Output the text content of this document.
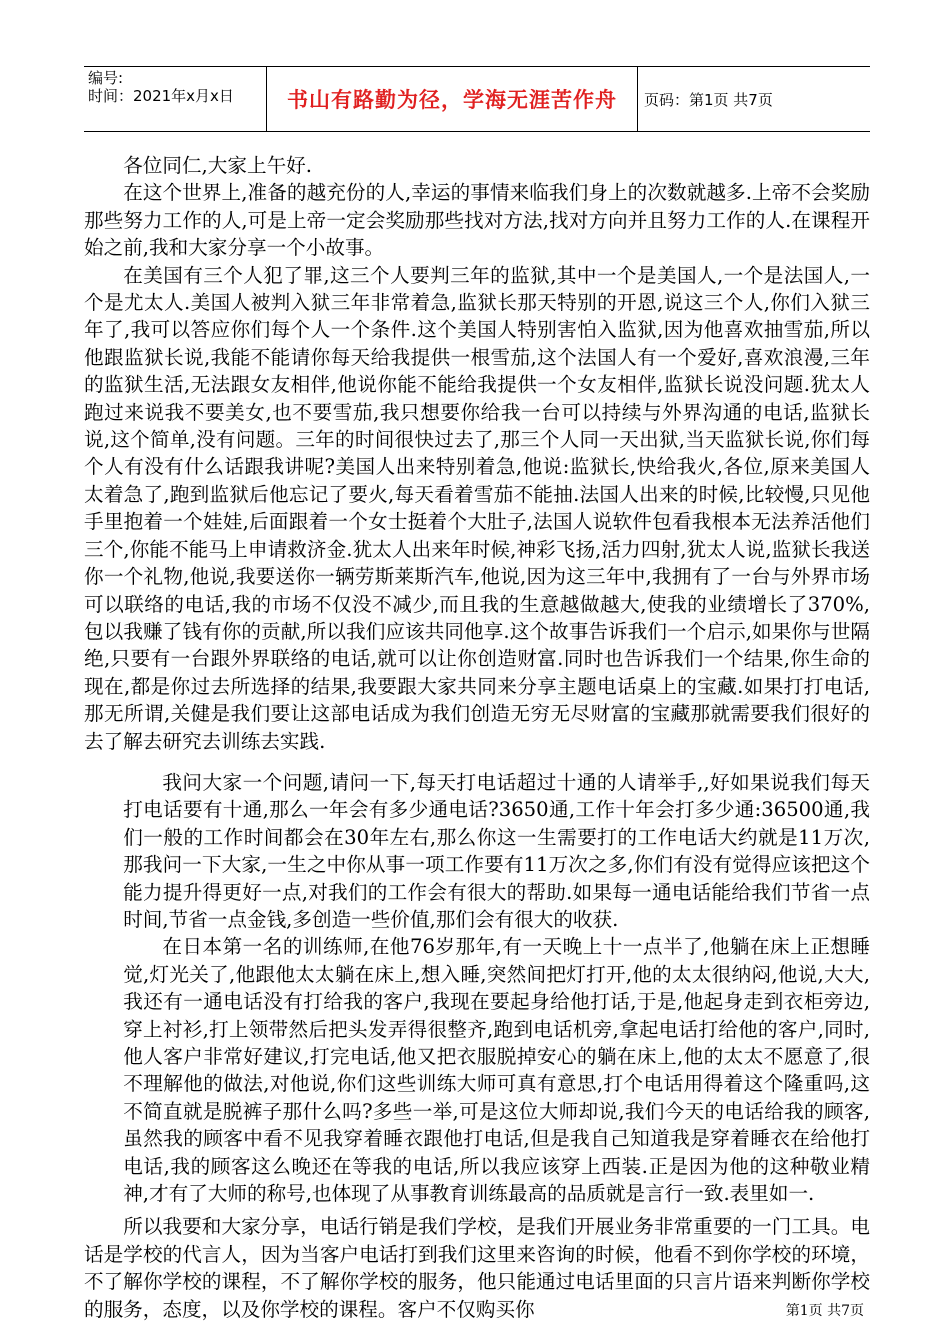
编号:
时间：2021年x月x日	书山有路勤为径，学海无涯苦作舟	页码：第1页 共7页

各位同仁,大家上午好.

在这个世界上,准备的越充份的人,幸运的事情来临我们身上的次数就越多.上帝不会奖励那些努力工作的人,可是上帝一定会奖励那些找对方法,找对方向并且努力工作的人.在课程开始之前,我和大家分享一个小故事。

在美国有三个人犯了罪,这三个人要判三年的监狱,其中一个是美国人,一个是法国人,一个是尤太人.美国人被判入狱三年非常着急,监狱长那天特别的开恩,说这三个人,你们入狱三年了,我可以答应你们每个人一个条件.这个美国人特别害怕入监狱,因为他喜欢抽雪茄,所以他跟监狱长说,我能不能请你每天给我提供一根雪茄,这个法国人有一个爱好,喜欢浪漫,三年的监狱生活,无法跟女友相伴,他说你能不能给我提供一个女友相伴,监狱长说没问题.犹太人跑过来说我不要美女,也不要雪茄,我只想要你给我一台可以持续与外界沟通的电话,监狱长说,这个简单,没有问题。三年的时间很快过去了,那三个人同一天出狱,当天监狱长说,你们每个人有没有什么话跟我讲呢?美国人出来特别着急,他说:监狱长,快给我火,各位,原来美国人太着急了,跑到监狱后他忘记了要火,每天看着雪茄不能抽.法国人出来的时候,比较慢,只见他手里抱着一个娃娃,后面跟着一个女士挺着个大肚子,法国人说软件包看我根本无法养活他们三个,你能不能马上申请救济金.犹太人出来年时候,神彩飞扬,活力四射,犹太人说,监狱长我送你一个礼物,他说,我要送你一辆劳斯莱斯汽车,他说,因为这三年中,我拥有了一台与外界市场可以联络的电话,我的市场不仅没不减少,而且我的生意越做越大,使我的业绩增长了370%,包以我赚了钱有你的贡献,所以我们应该共同他享.这个故事告诉我们一个启示,如果你与世隔绝,只要有一台跟外界联络的电话,就可以让你创造财富.同时也告诉我们一个结果,你生命的现在,都是你过去所选择的结果,我要跟大家共同来分享主题电话桌上的宝藏.如果打打电话,那无所谓,关健是我们要让这部电话成为我们创造无穷无尽财富的宝藏那就需要我们很好的去了解去研究去训练去实践.

我问大家一个问题,请问一下,每天打电话超过十通的人请举手,,好如果说我们每天打电话要有十通,那么一年会有多少通电话?3650通,工作十年会打多少通:36500通,我们一般的工作时间都会在30年左右,那么你这一生需要打的工作电话大约就是11万次,那我问一下大家,一生之中你从事一项工作要有11万次之多,你们有没有觉得应该把这个能力提升得更好一点,对我们的工作会有很大的帮助.如果每一通电话能给我们节省一点时间,节省一点金钱,多创造一些价值,那们会有很大的收获.

在日本第一名的训练师,在他76岁那年,有一天晚上十一点半了,他躺在床上正想睡觉,灯光关了,他跟他太太躺在床上,想入睡,突然间把灯打开,他的太太很纳闷,他说,大大,我还有一通电话没有打给我的客户,我现在要起身给他打话,于是,他起身走到衣柜旁边,穿上衬衫,打上领带然后把头发弄得很整齐,跑到电话机旁,拿起电话打给他的客户,同时,他人客户非常好建议,打完电话,他又把衣服脱掉安心的躺在床上,他的太太不愿意了,很不理解他的做法,对他说,你们这些训练大师可真有意思,打个电话用得着这个隆重吗,这不简直就是脱裤子那什么吗?多些一举,可是这位大师却说,我们今天的电话给我的顾客,虽然我的顾客中看不见我穿着睡衣跟他打电话,但是我自己知道我是穿着睡衣在给他打电话,我的顾客这么晚还在等我的电话,所以我应该穿上西装.正是因为他的这种敬业精神,才有了大师的称号,也体现了从事教育训练最高的品质就是言行一致.表里如一.

所以我要和大家分享，电话行销是我们学校，是我们开展业务非常重要的一门工具。电话是学校的代言人，因为当客户电话打到我们这里来咨询的时候，他看不到你学校的环境，不了解你学校的课程，不了解你学校的服务，他只能通过电话里面的只言片语来判断你学校的服务，态度，以及你学校的课程。客户不仅购买你	第1页 共7页
